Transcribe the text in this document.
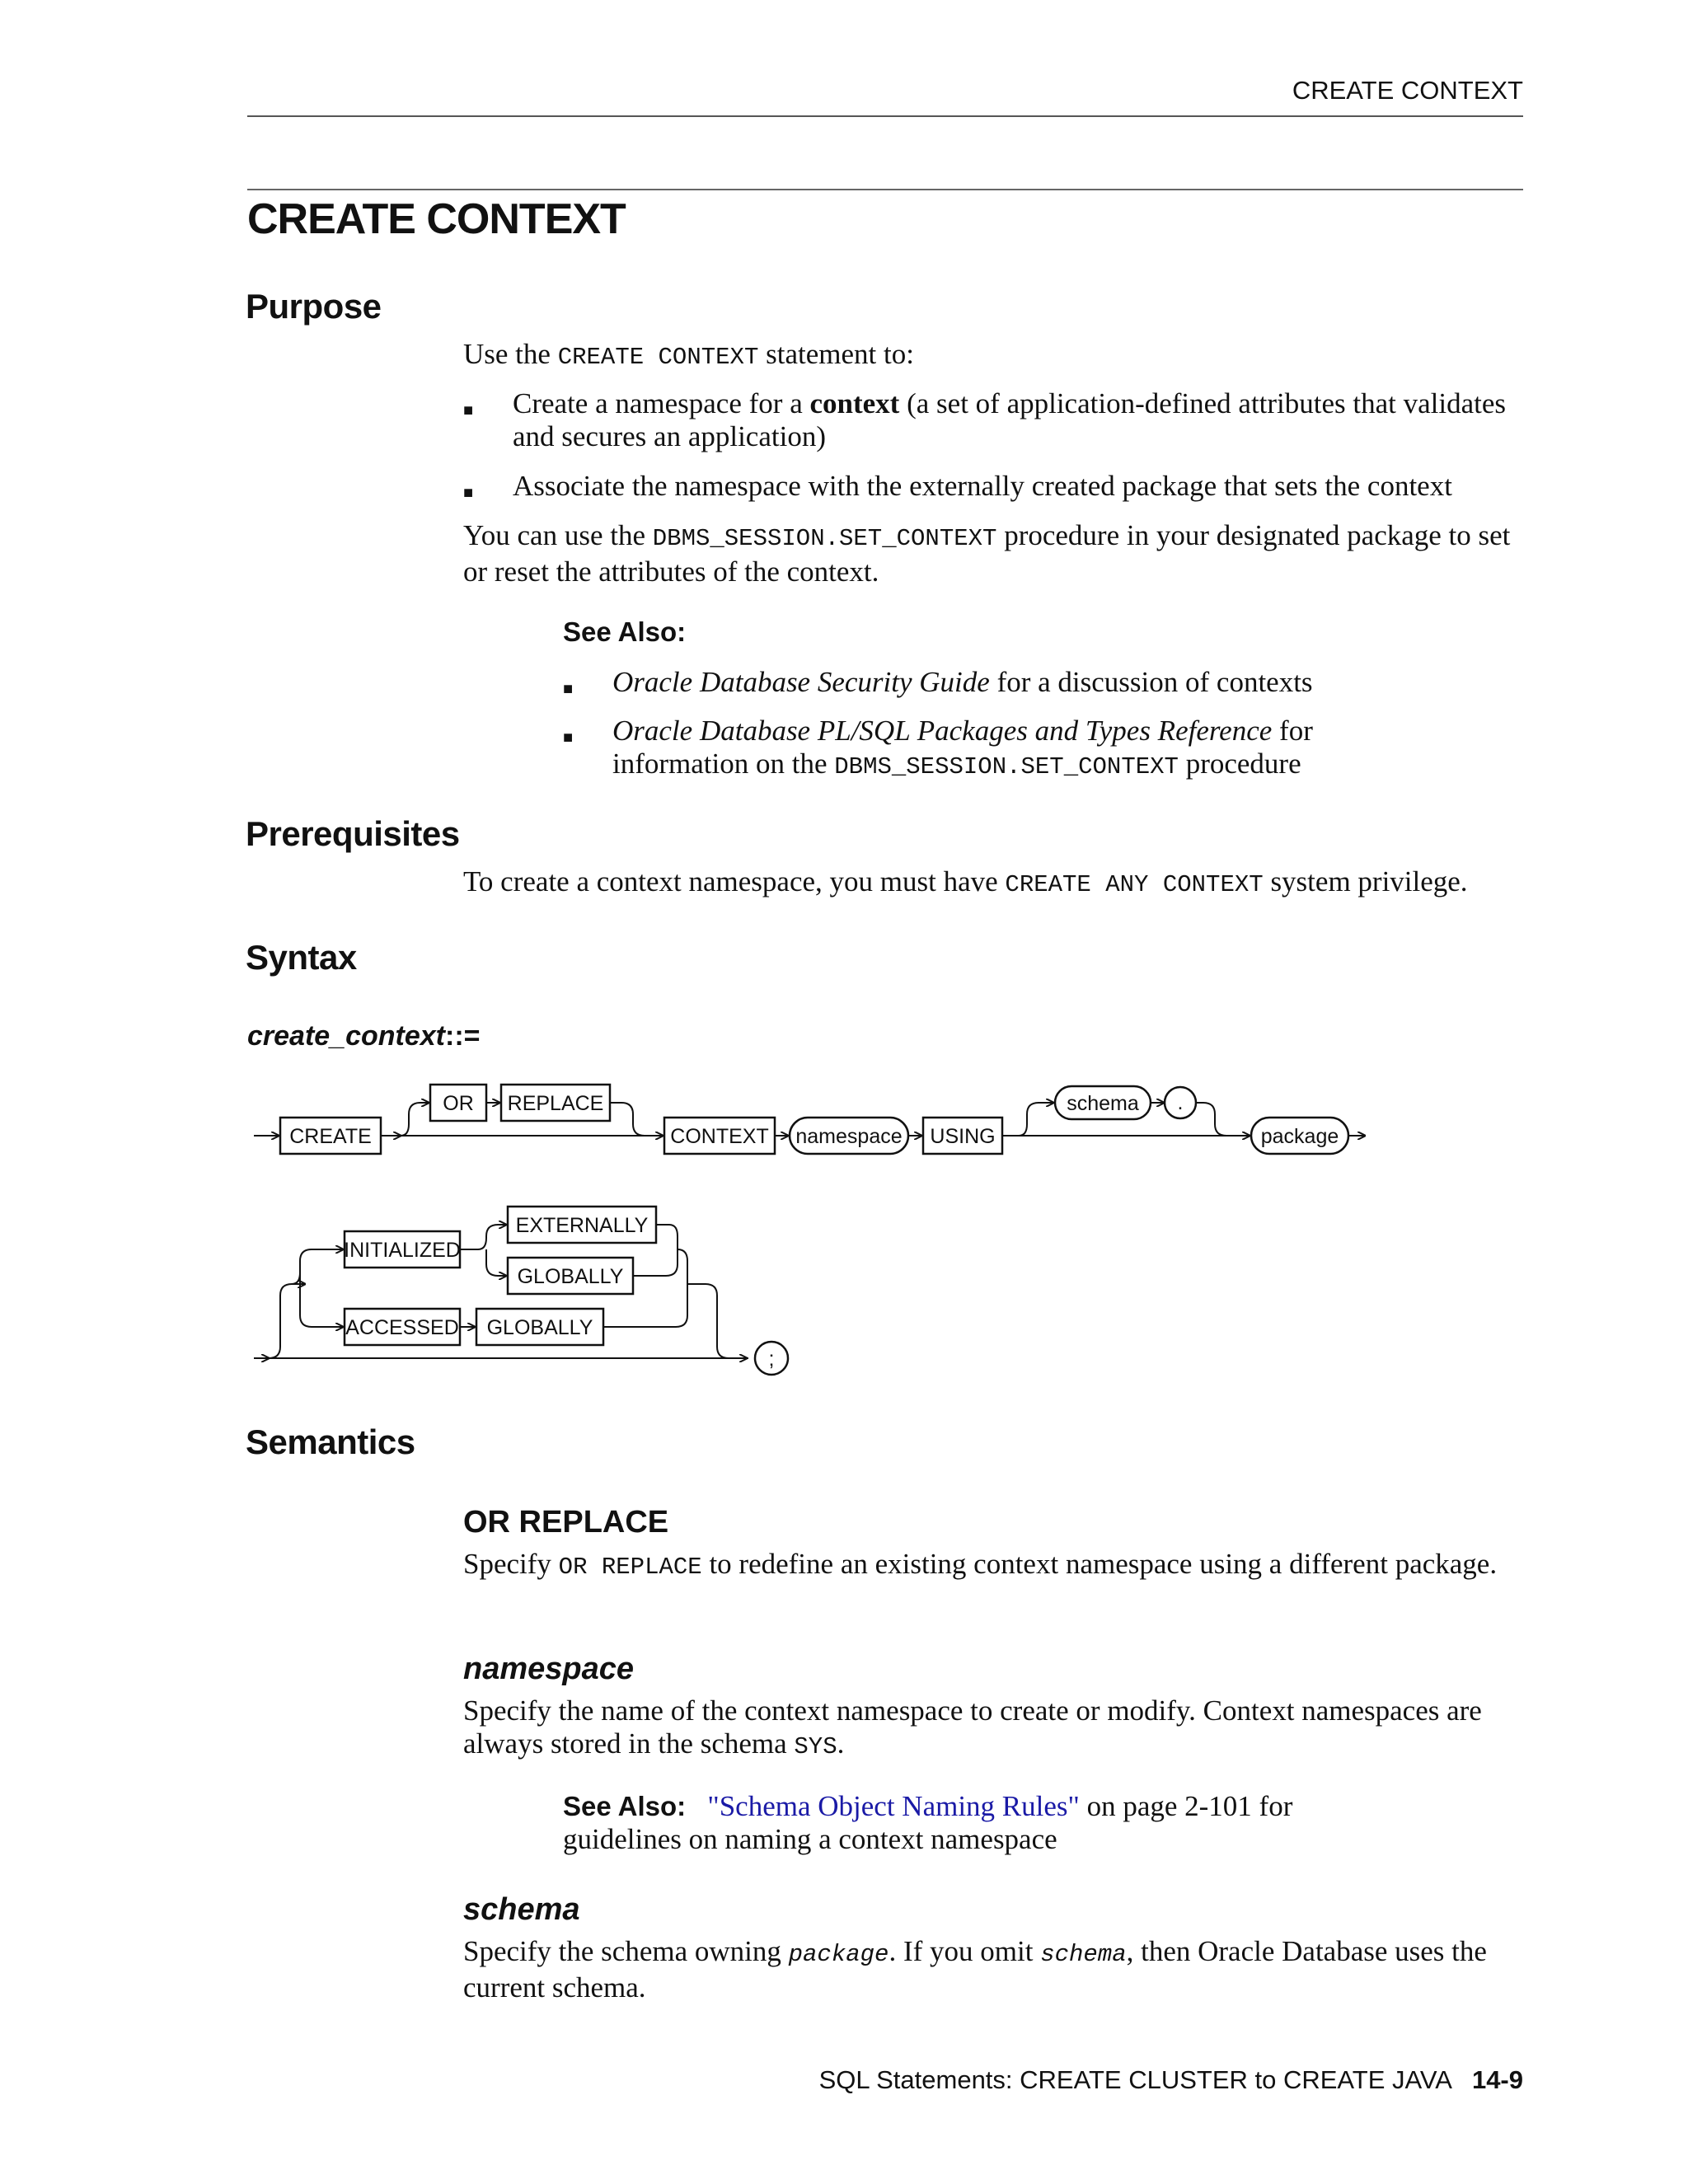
CREATE CONTEXT
CREATE CONTEXT
Purpose

Use the CREATE CONTEXT statement to:

■ Create a namespace for a context (a set of application-defined attributes that validates and secures an application)
■ Associate the namespace with the externally created package that sets the context

You can use the DBMS_SESSION.SET_CONTEXT procedure in your designated package to set or reset the attributes of the context.

See Also:
■ Oracle Database Security Guide for a discussion of contexts
■ Oracle Database PL/SQL Packages and Types Reference for information on the DBMS_SESSION.SET_CONTEXT procedure
Prerequisites

To create a context namespace, you must have CREATE ANY CONTEXT system privilege.

Syntax
create_context::=
CREATE
OR REPLACE
CONTEXT namespace USING
schema .
package
INITIALIZED
EXTERNALLY
GLOBALLY
ACCESSED GLOBALLY
;
Semantics
OR REPLACE

Specify OR REPLACE to redefine an existing context namespace using a different package.

namespace

Specify the name of the context namespace to create or modify. Context namespaces are always stored in the schema SYS.

See Also: "Schema Object Naming Rules" on page 2-101 for guidelines on naming a context namespace

schema

Specify the schema owning package. If you omit schema, then Oracle Database uses the current schema.

SQL Statements: CREATE CLUSTER to CREATE JAVA 14-9
